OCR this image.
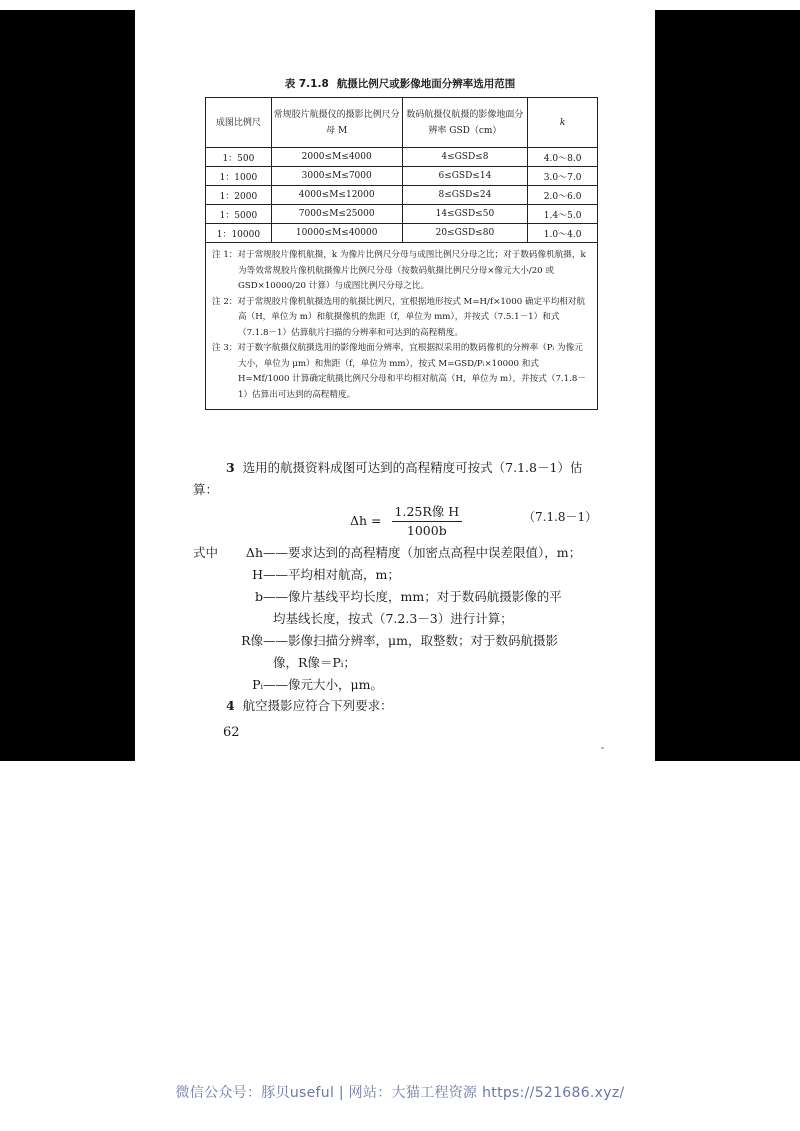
表 7.1.8 航摄比例尺或影像地面分辨率选用范围
成图比例尺	常规胶片航摄仪的摄影比例尺分母 M	数码航摄仪航摄的影像地面分辨率 GSD（cm）	k
1：500	2000≤M≤4000	4≤GSD≤8	4.0～8.0
1：1000	3000≤M≤7000	6≤GSD≤14	3.0～7.0
1：2000	4000≤M≤12000	8≤GSD≤24	2.0～6.0
1：5000	7000≤M≤25000	14≤GSD≤50	1.4～5.0
1：10000	10000≤M≤40000	20≤GSD≤80	1.0～4.0

注 1：对于常规胶片像机航摄，k 为像片比例尺分母与成图比例尺分母之比；对于数码像机航摄，k 为等效常规胶片像机航摄像片比例尺分母（按数码航摄比例尺分母×像元大小/20 或 GSD×10000/20 计算）与成图比例尺分母之比。

注 2：对于常规胶片像机航摄选用的航摄比例尺，宜根据地形按式 M=H/f×1000 确定平均相对航高（H，单位为 m）和航摄像机的焦距（f，单位为 mm），并按式（7.5.1－1）和式（7.1.8－1）估算航片扫描的分辨率和可达到的高程精度。

注 3：对于数字航摄仪航摄选用的影像地面分辨率，宜根据拟采用的数码像机的分辨率（Pᵢ 为像元大小，单位为 μm）和焦距（f，单位为 mm），按式 M=GSD/Pᵢ×10000 和式 H=Mf/1000 计算确定航摄比例尺分母和平均相对航高（H，单位为 m），并按式（7.1.8－1）估算出可达到的高程精度。			

3 选用的航摄资料成图可达到的高程精度可按式（7.1.8－1）估算：
$\Delta h = \frac{\text{1.25R像 H}}{1000b}$	（7.1.8－1）
式中	Δh ——要求达到的高程精度（加密点高程中误差限值），m；
H ——平均相对航高，m；
b ——像片基线平均长度，mm；对于数码航摄影像的平
均基线长度，按式（7.2.3－3）进行计算；
R像 ——影像扫描分辨率，μm，取整数；对于数码航摄影
像，R像＝Pᵢ；
Pᵢ ——像元大小，μm。
4 航空摄影应符合下列要求：
62
微信公众号：豚贝useful | 网站：大猫工程资源 https://521686.xyz/
